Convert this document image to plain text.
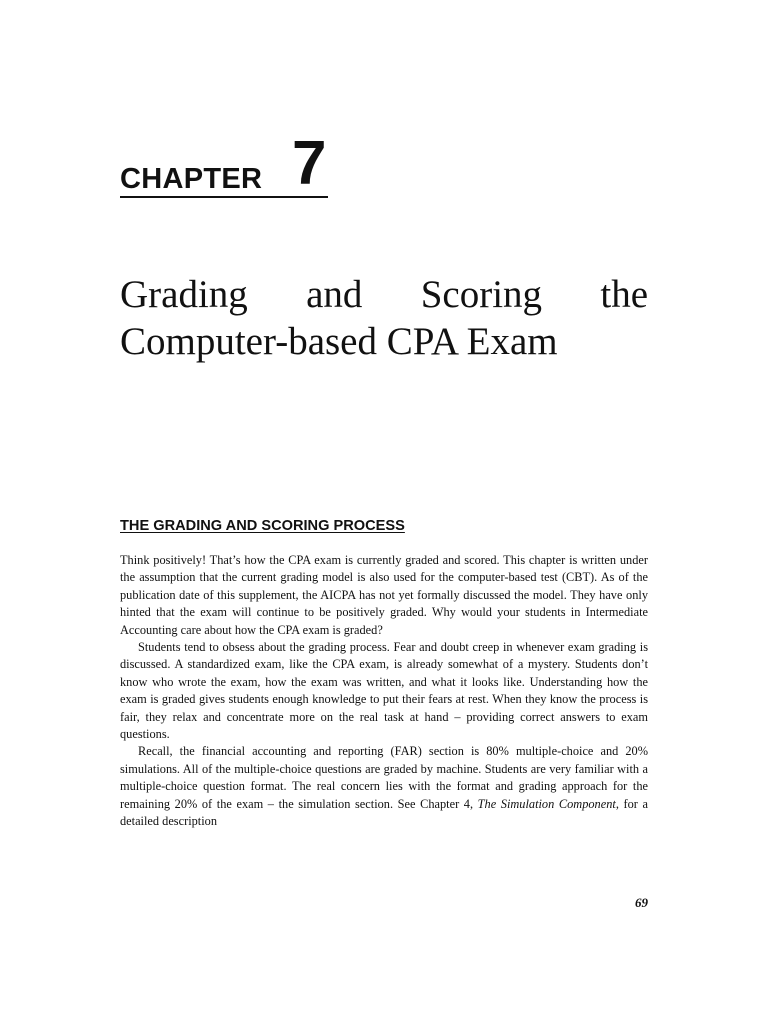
CHAPTER 7
Grading and Scoring the
Computer-based CPA Exam
THE GRADING AND SCORING PROCESS

Think positively! That’s how the CPA exam is currently graded and scored. This chapter is written under the assumption that the current grading model is also used for the computer-based test (CBT). As of the publication date of this supplement, the AICPA has not yet formally discussed the model. They have only hinted that the exam will continue to be positively graded. Why would your students in Intermediate Accounting care about how the CPA exam is graded?

Students tend to obsess about the grading process. Fear and doubt creep in whenever exam grading is discussed. A standardized exam, like the CPA exam, is already somewhat of a mystery. Students don’t know who wrote the exam, how the exam was written, and what it looks like. Understanding how the exam is graded gives students enough knowledge to put their fears at rest. When they know the process is fair, they relax and concentrate more on the real task at hand – providing correct answers to exam questions.

Recall, the financial accounting and reporting (FAR) section is 80% multiple-choice and 20% simulations. All of the multiple-choice questions are graded by machine. Students are very familiar with a multiple-choice question format. The real concern lies with the format and grading approach for the remaining 20% of the exam – the simulation section. See Chapter 4, The Simulation Component, for a detailed description

69
